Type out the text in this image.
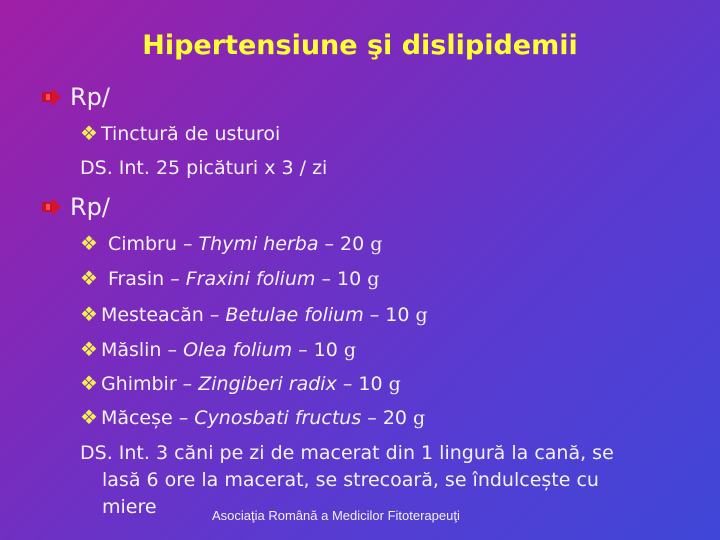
Hipertensiune şi dislipidemii
Rp/
❖ Tinctură de usturoi
DS. Int. 25 picături x 3 / zi
Rp/
❖ Cimbru –
Thymi herba
– 20
g
❖ Frasin –
Fraxini folium
– 10
g
❖ Mesteacăn –
Betulae folium
– 10
g
❖ Măslin –
Olea folium
– 10
g
❖ Ghimbir –
Zingiberi radix
– 10
g
❖ Măceșe –
Cynosbati fructus
– 20
g
DS. Int. 3 căni pe zi de macerat din 1 lingură la cană, se
lasă 6 ore la macerat, se strecoară, se îndulcește cu
miere	Asociaţia Română a Medicilor Fitoterapeuţi
